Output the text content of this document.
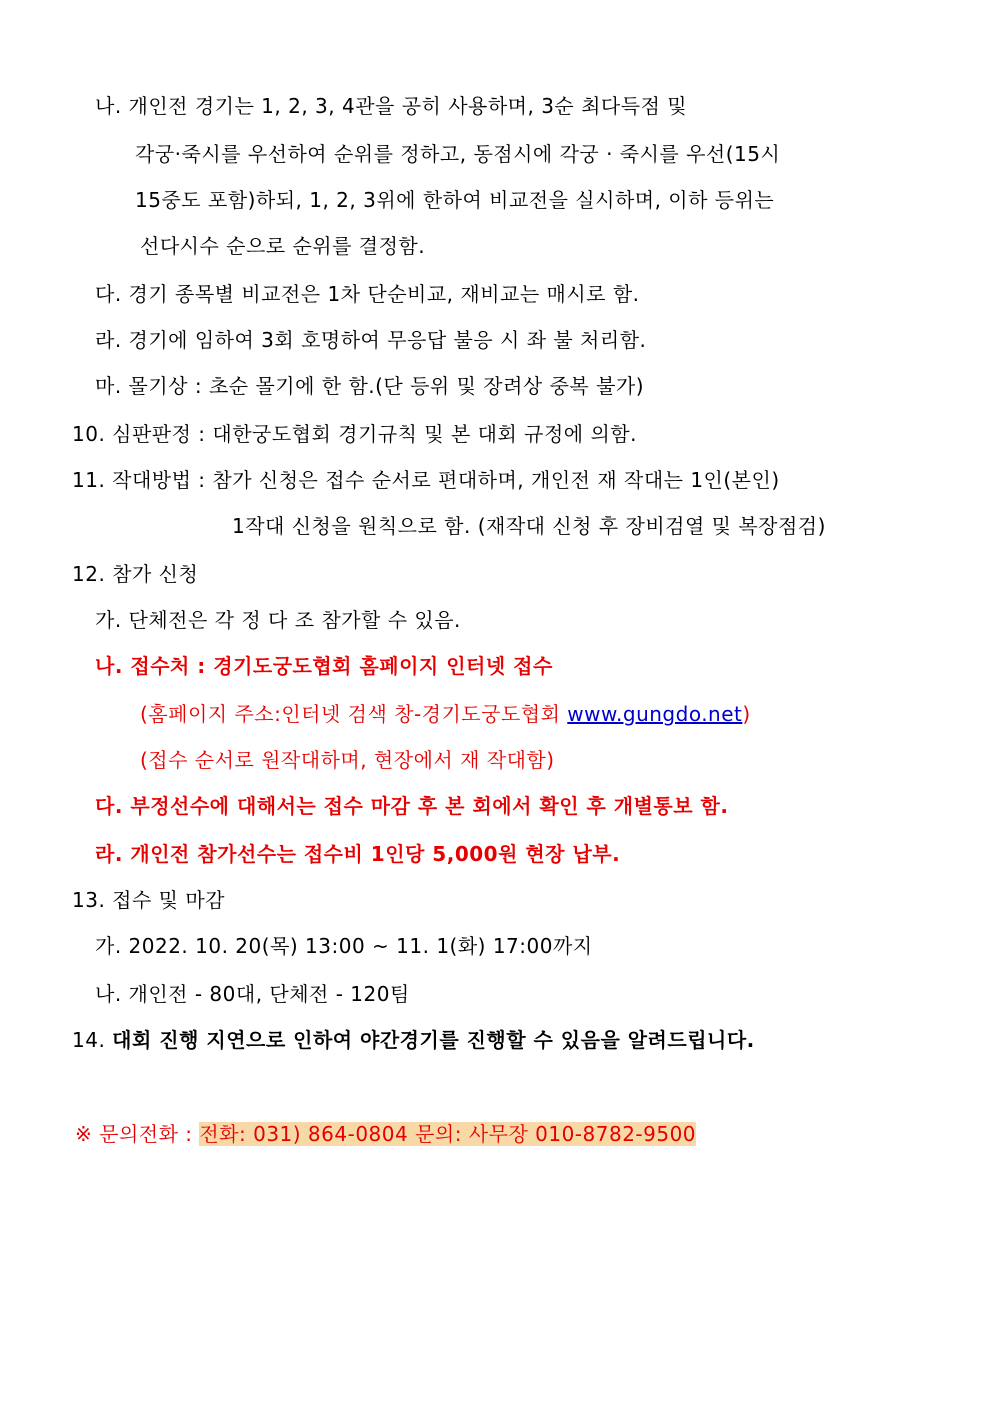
나. 개인전 경기는 1, 2, 3, 4관을 공히 사용하며, 3순 최다득점 및
각궁·죽시를 우선하여 순위를 정하고, 동점시에 각궁 · 죽시를 우선(15시
15중도 포함)하되, 1, 2, 3위에 한하여 비교전을 실시하며, 이하 등위는
선다시수 순으로 순위를 결정함.
다. 경기 종목별 비교전은 1차 단순비교, 재비교는 매시로 함.
라. 경기에 임하여 3회 호명하여 무응답 불응 시 좌 불 처리함.
마. 몰기상 : 초순 몰기에 한 함.(단 등위 및 장려상 중복 불가)
10. 심판판정 : 대한궁도협회 경기규칙 및 본 대회 규정에 의함.
11. 작대방법 : 참가 신청은 접수 순서로 편대하며, 개인전 재 작대는 1인(본인)
1작대 신청을 원칙으로 함. (재작대 신청 후 장비검열 및 복장점검)
12. 참가 신청
가. 단체전은 각 정 다 조 참가할 수 있음.
나. 접수처 : 경기도궁도협회 홈페이지 인터넷 접수
(홈페이지 주소:인터넷 검색 창-경기도궁도협회 www.gungdo.net)
(접수 순서로 원작대하며, 현장에서 재 작대함)
다. 부정선수에 대해서는 접수 마감 후 본 회에서 확인 후 개별통보 함.
라. 개인전 참가선수는 접수비 1인당 5,000원 현장 납부.
13. 접수 및 마감
가. 2022. 10. 20(목) 13:00 ~ 11. 1(화) 17:00까지
나. 개인전 - 80대, 단체전 - 120팀
14. 대회 진행 지연으로 인하여 야간경기를 진행할 수 있음을 알려드립니다.
※ 문의전화 : 전화: 031) 864-0804 문의: 사무장 010-8782-9500
